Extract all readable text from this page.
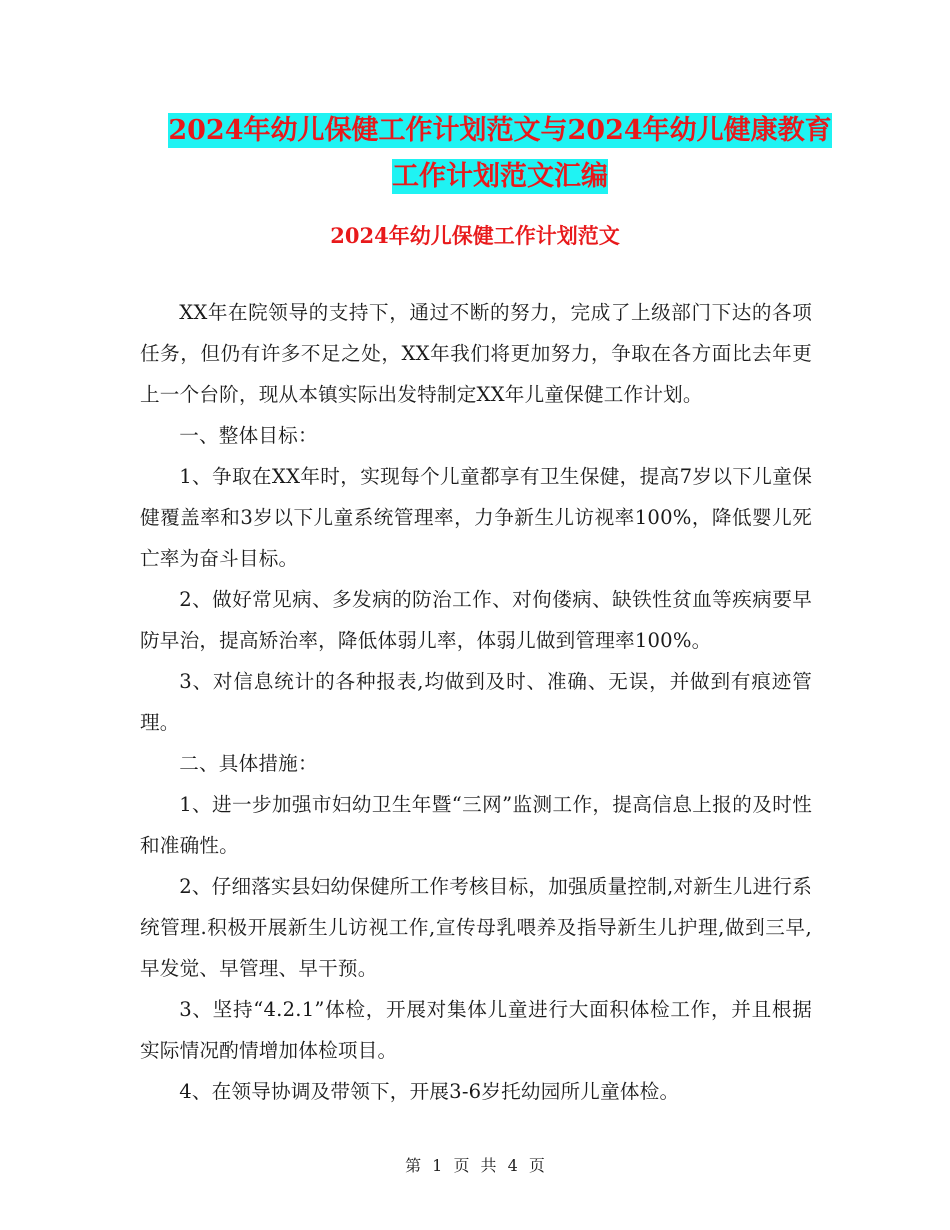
2024年幼儿保健工作计划范文与2024年幼儿健康教育
工作计划范文汇编
2024年幼儿保健工作计划范文

XX年在院领导的支持下，通过不断的努力，完成了上级部门下达的各项任务，但仍有许多不足之处，XX年我们将更加努力，争取在各方面比去年更上一个台阶，现从本镇实际出发特制定XX年儿童保健工作计划。

一、整体目标：

1、争取在XX年时，实现每个儿童都享有卫生保健，提高7岁以下儿童保健覆盖率和3岁以下儿童系统管理率，力争新生儿访视率100%，降低婴儿死亡率为奋斗目标。

2、做好常见病、多发病的防治工作、对佝偻病、缺铁性贫血等疾病要早防早治，提高矫治率，降低体弱儿率，体弱儿做到管理率100%。

3、对信息统计的各种报表,均做到及时、准确、无误，并做到有痕迹管理。

二、具体措施：

1、进一步加强市妇幼卫生年暨“三网”监测工作，提高信息上报的及时性和准确性。

2、仔细落实县妇幼保健所工作考核目标，加强质量控制,对新生儿进行系统管理.积极开展新生儿访视工作,宣传母乳喂养及指导新生儿护理,做到三早,早发觉、早管理、早干预。

3、坚持“4.2.1”体检，开展对集体儿童进行大面积体检工作，并且根据实际情况酌情增加体检项目。

4、在领导协调及带领下，开展3-6岁托幼园所儿童体检。

第 1 页 共 4 页
